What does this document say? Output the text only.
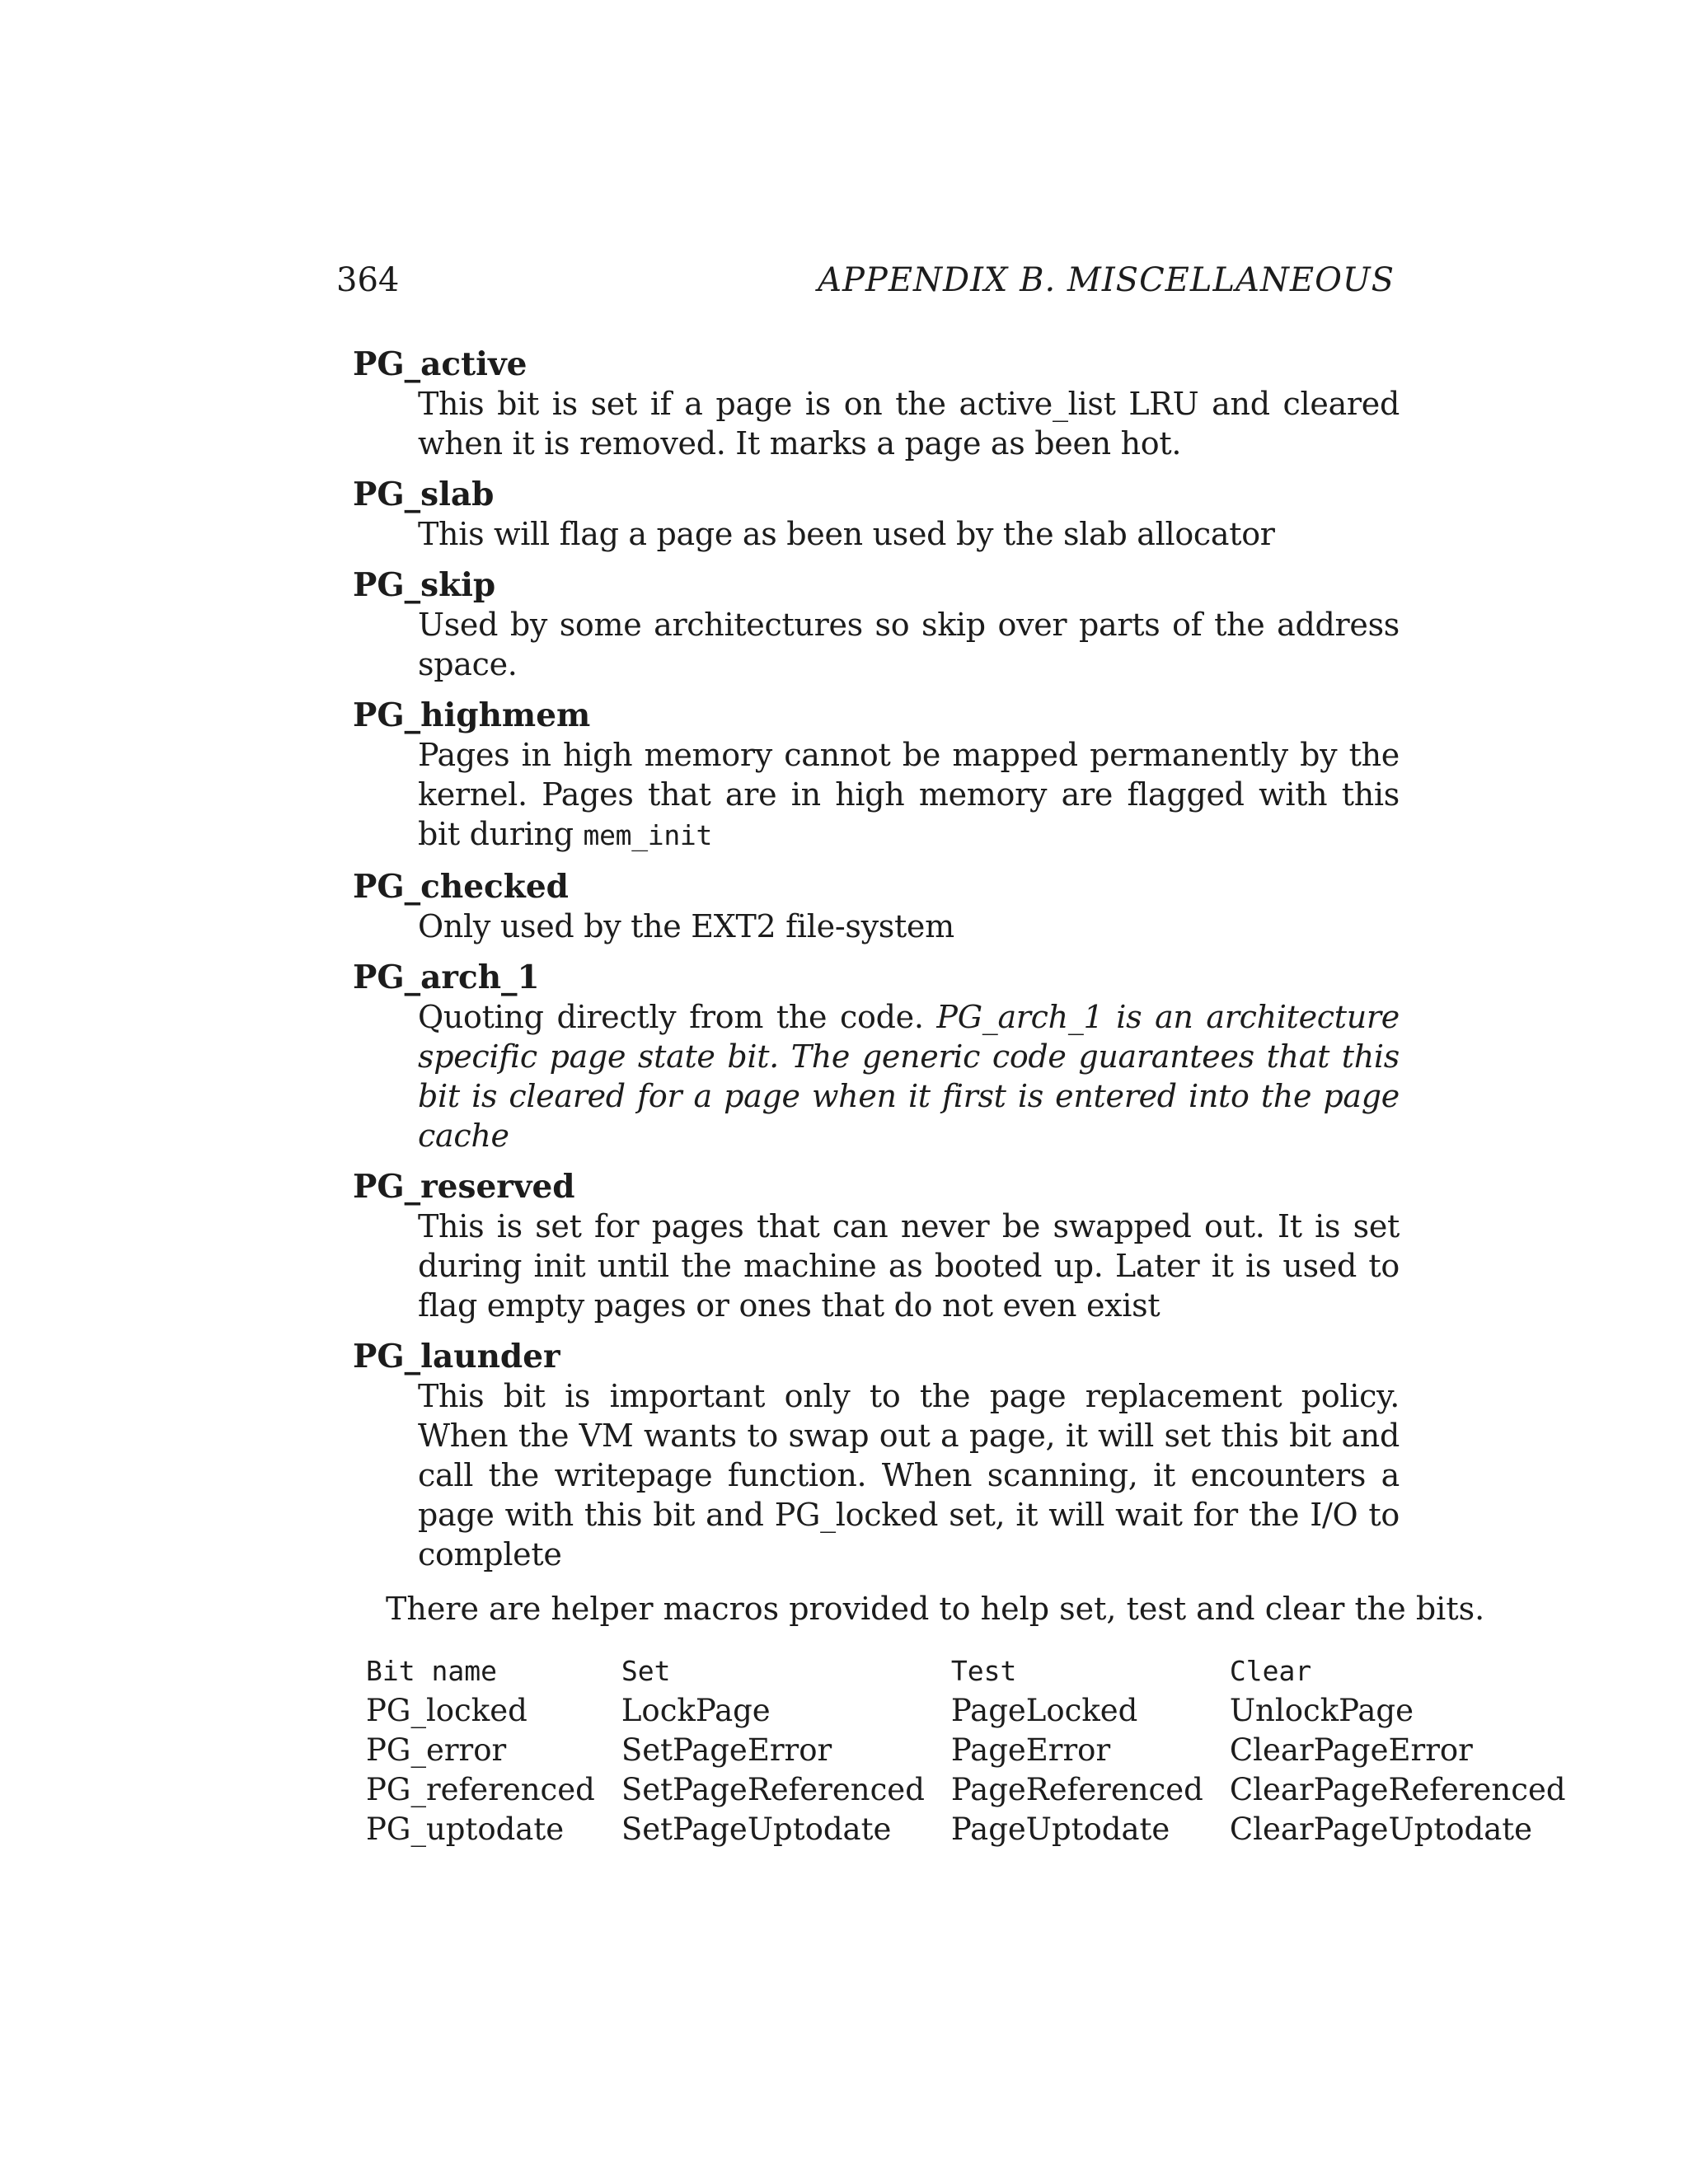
364	APPENDIX B. MISCELLANEOUS
PG_active
This bit is set if a page is on the active_list LRU and cleared when it is removed. It marks a page as been hot.
PG_slab
This will flag a page as been used by the slab allocator
PG_skip
Used by some architectures so skip over parts of the address space.
PG_highmem
Pages in high memory cannot be mapped permanently by the kernel. Pages that are in high memory are flagged with this bit during mem_init
PG_checked
Only used by the EXT2 file-system
PG_arch_1
Quoting directly from the code. PG_arch_1 is an architecture specific page state bit. The generic code guarantees that this bit is cleared for a page when it first is entered into the page cache
PG_reserved
This is set for pages that can never be swapped out. It is set during init until the machine as booted up. Later it is used to flag empty pages or ones that do not even exist
PG_launder
This bit is important only to the page replacement policy. When the VM wants to swap out a page, it will set this bit and call the writepage function. When scanning, it encounters a page with this bit and PG_locked set, it will wait for the I/O to complete
There are helper macros provided to help set, test and clear the bits.
Bit name	Set	Test	Clear
PG_locked	LockPage	PageLocked	UnlockPage
PG_error	SetPageError	PageError	ClearPageError
PG_referenced	SetPageReferenced	PageReferenced	ClearPageReferenced
PG_uptodate	SetPageUptodate	PageUptodate	ClearPageUptodate
